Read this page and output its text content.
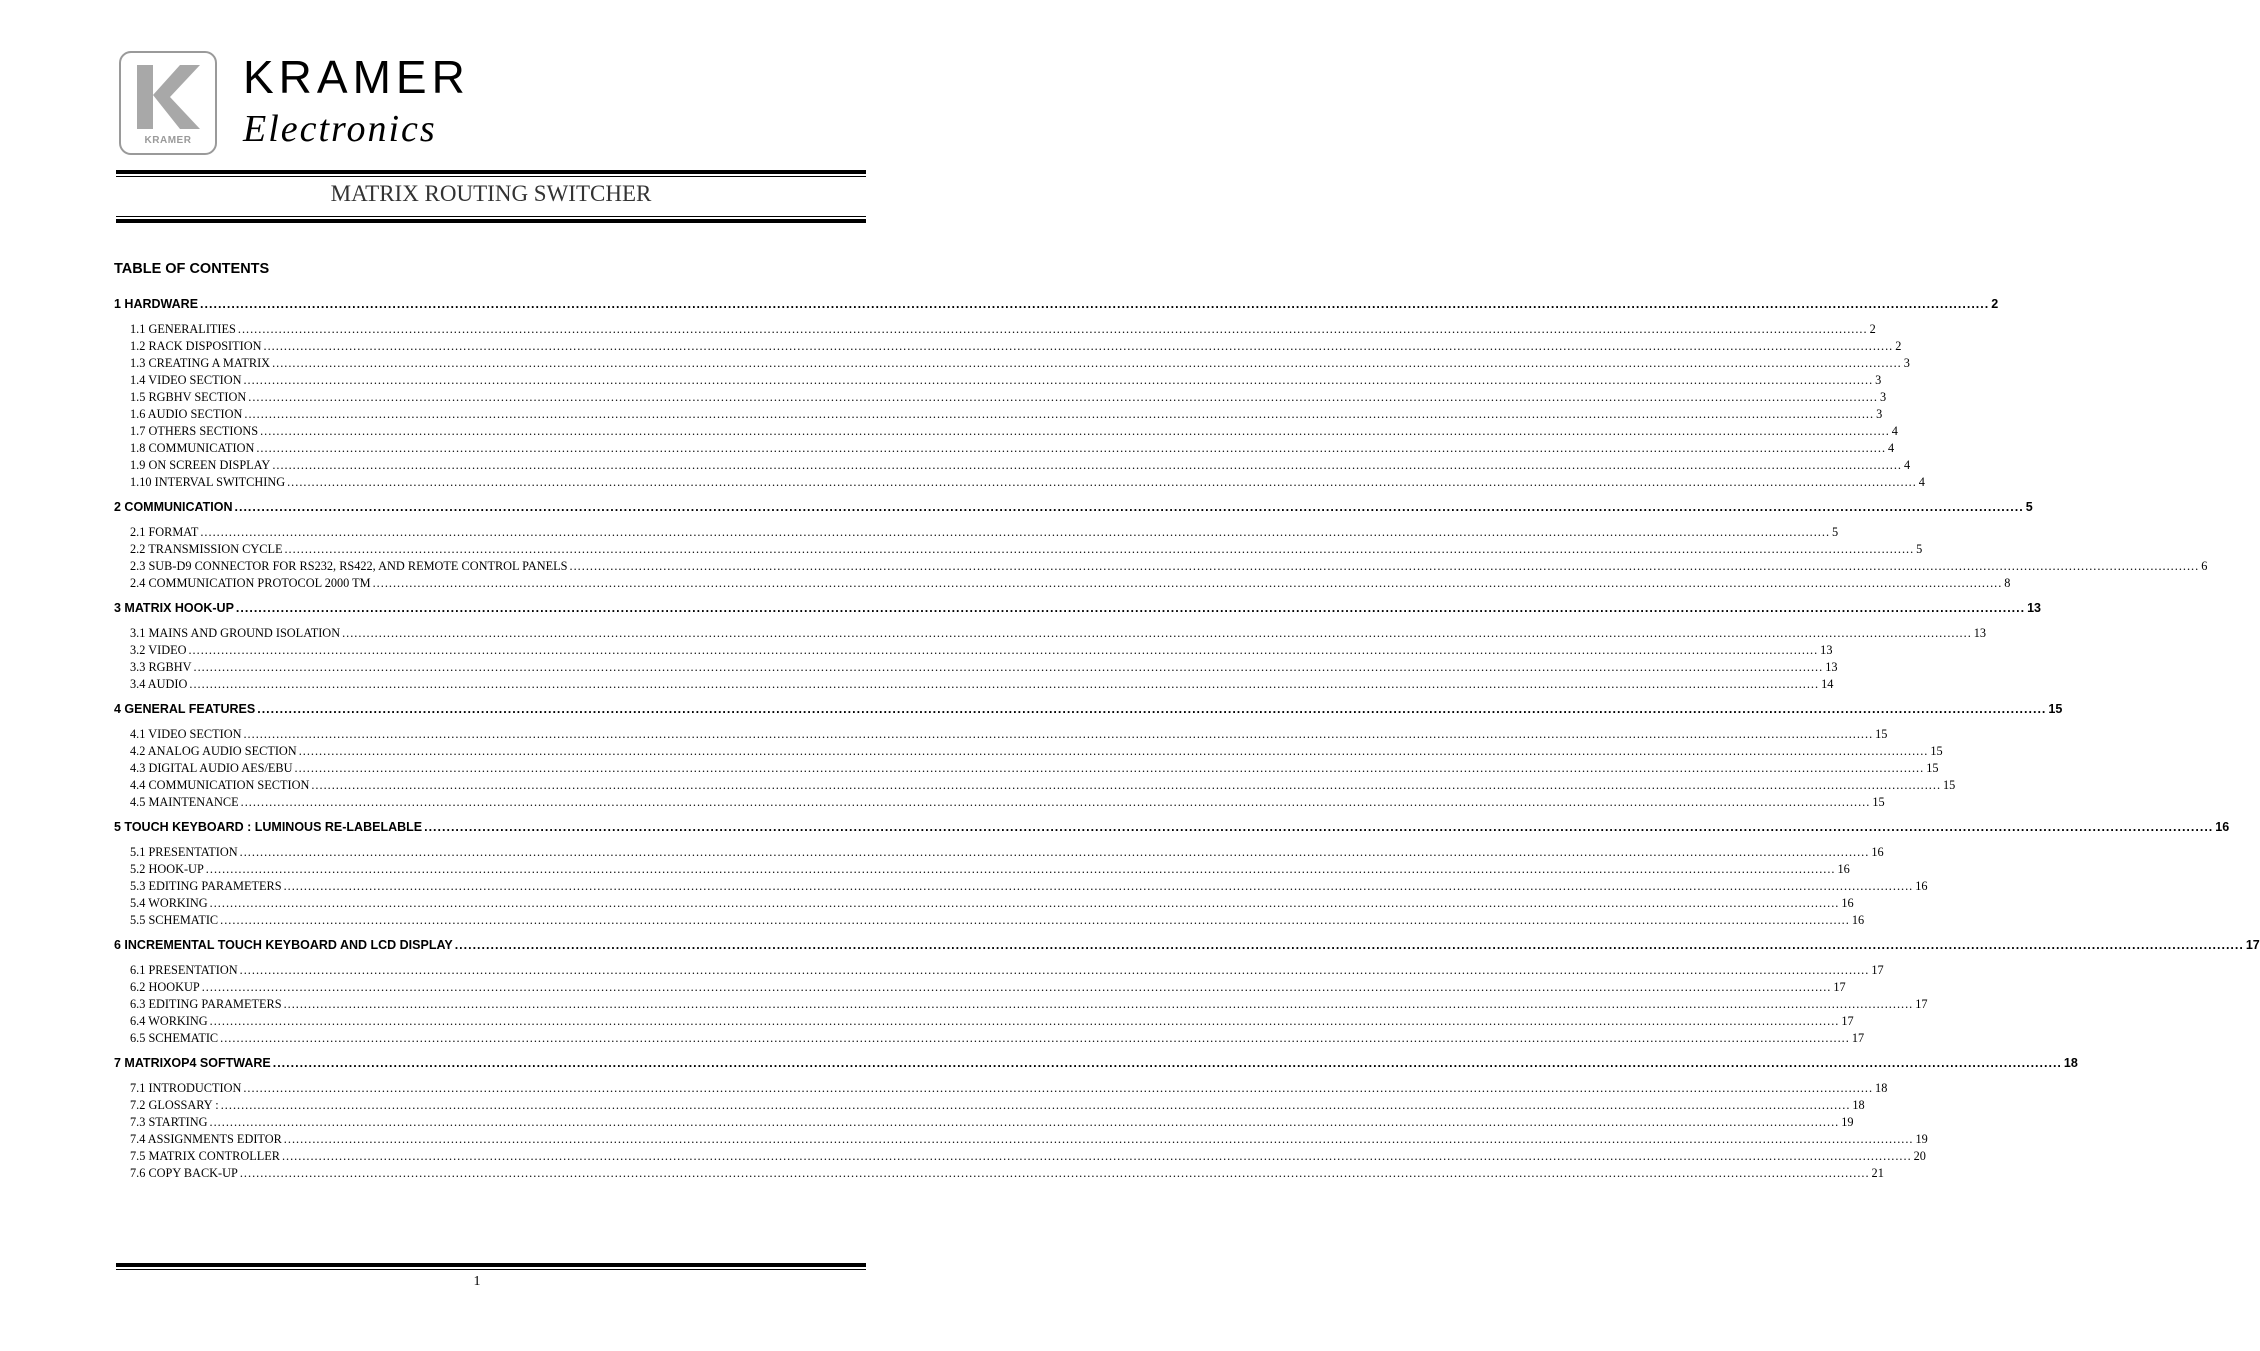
KRAMER
KRAMER
Electronics
MATRIX ROUTING SWITCHER
TABLE OF CONTENTS
1 HARDWARE ................................................................................................................................................................................................................................................................................................................................................................................................................ 2
1.1 GENERALITIES ................................................................................................................................................................................................................................................................................................................................................................................................................ 2
1.2 RACK DISPOSITION ................................................................................................................................................................................................................................................................................................................................................................................................................ 2
1.3 CREATING A MATRIX ................................................................................................................................................................................................................................................................................................................................................................................................................ 3
1.4 VIDEO SECTION ................................................................................................................................................................................................................................................................................................................................................................................................................ 3
1.5 RGBHV SECTION ................................................................................................................................................................................................................................................................................................................................................................................................................ 3
1.6 AUDIO SECTION ................................................................................................................................................................................................................................................................................................................................................................................................................ 3
1.7 OTHERS SECTIONS ................................................................................................................................................................................................................................................................................................................................................................................................................ 4
1.8 COMMUNICATION ................................................................................................................................................................................................................................................................................................................................................................................................................ 4
1.9 ON SCREEN DISPLAY ................................................................................................................................................................................................................................................................................................................................................................................................................ 4
1.10 INTERVAL SWITCHING ................................................................................................................................................................................................................................................................................................................................................................................................................ 4
2 COMMUNICATION ................................................................................................................................................................................................................................................................................................................................................................................................................ 5
2.1 FORMAT ................................................................................................................................................................................................................................................................................................................................................................................................................ 5
2.2 TRANSMISSION CYCLE ................................................................................................................................................................................................................................................................................................................................................................................................................ 5
2.3 SUB-D9 CONNECTOR FOR RS232, RS422, AND REMOTE CONTROL PANELS ................................................................................................................................................................................................................................................................................................................................................................................................................ 6
2.4 COMMUNICATION PROTOCOL 2000 TM ................................................................................................................................................................................................................................................................................................................................................................................................................ 8
3 MATRIX HOOK-UP ................................................................................................................................................................................................................................................................................................................................................................................................................ 13
3.1 MAINS AND GROUND ISOLATION ................................................................................................................................................................................................................................................................................................................................................................................................................ 13
3.2 VIDEO ................................................................................................................................................................................................................................................................................................................................................................................................................ 13
3.3 RGBHV ................................................................................................................................................................................................................................................................................................................................................................................................................ 13
3.4 AUDIO ................................................................................................................................................................................................................................................................................................................................................................................................................ 14
4 GENERAL FEATURES ................................................................................................................................................................................................................................................................................................................................................................................................................ 15
4.1 VIDEO SECTION ................................................................................................................................................................................................................................................................................................................................................................................................................ 15
4.2 ANALOG AUDIO SECTION ................................................................................................................................................................................................................................................................................................................................................................................................................ 15
4.3 DIGITAL AUDIO AES/EBU ................................................................................................................................................................................................................................................................................................................................................................................................................ 15
4.4 COMMUNICATION SECTION ................................................................................................................................................................................................................................................................................................................................................................................................................ 15
4.5 MAINTENANCE ................................................................................................................................................................................................................................................................................................................................................................................................................ 15
5 TOUCH KEYBOARD : LUMINOUS RE-LABELABLE ................................................................................................................................................................................................................................................................................................................................................................................................................ 16
5.1 PRESENTATION ................................................................................................................................................................................................................................................................................................................................................................................................................ 16
5.2 HOOK-UP ................................................................................................................................................................................................................................................................................................................................................................................................................ 16
5.3 EDITING PARAMETERS ................................................................................................................................................................................................................................................................................................................................................................................................................ 16
5.4 WORKING ................................................................................................................................................................................................................................................................................................................................................................................................................ 16
5.5 SCHEMATIC ................................................................................................................................................................................................................................................................................................................................................................................................................ 16
6 INCREMENTAL TOUCH KEYBOARD AND LCD DISPLAY ................................................................................................................................................................................................................................................................................................................................................................................................................ 17
6.1 PRESENTATION ................................................................................................................................................................................................................................................................................................................................................................................................................ 17
6.2 HOOKUP ................................................................................................................................................................................................................................................................................................................................................................................................................ 17
6.3 EDITING PARAMETERS ................................................................................................................................................................................................................................................................................................................................................................................................................ 17
6.4 WORKING ................................................................................................................................................................................................................................................................................................................................................................................................................ 17
6.5 SCHEMATIC ................................................................................................................................................................................................................................................................................................................................................................................................................ 17
7 MATRIXOP4 SOFTWARE ................................................................................................................................................................................................................................................................................................................................................................................................................ 18
7.1 INTRODUCTION ................................................................................................................................................................................................................................................................................................................................................................................................................ 18
7.2 GLOSSARY : ................................................................................................................................................................................................................................................................................................................................................................................................................ 18
7.3 STARTING ................................................................................................................................................................................................................................................................................................................................................................................................................ 19
7.4 ASSIGNMENTS EDITOR ................................................................................................................................................................................................................................................................................................................................................................................................................ 19
7.5 MATRIX CONTROLLER ................................................................................................................................................................................................................................................................................................................................................................................................................ 20
7.6 COPY BACK-UP ................................................................................................................................................................................................................................................................................................................................................................................................................ 21
1
